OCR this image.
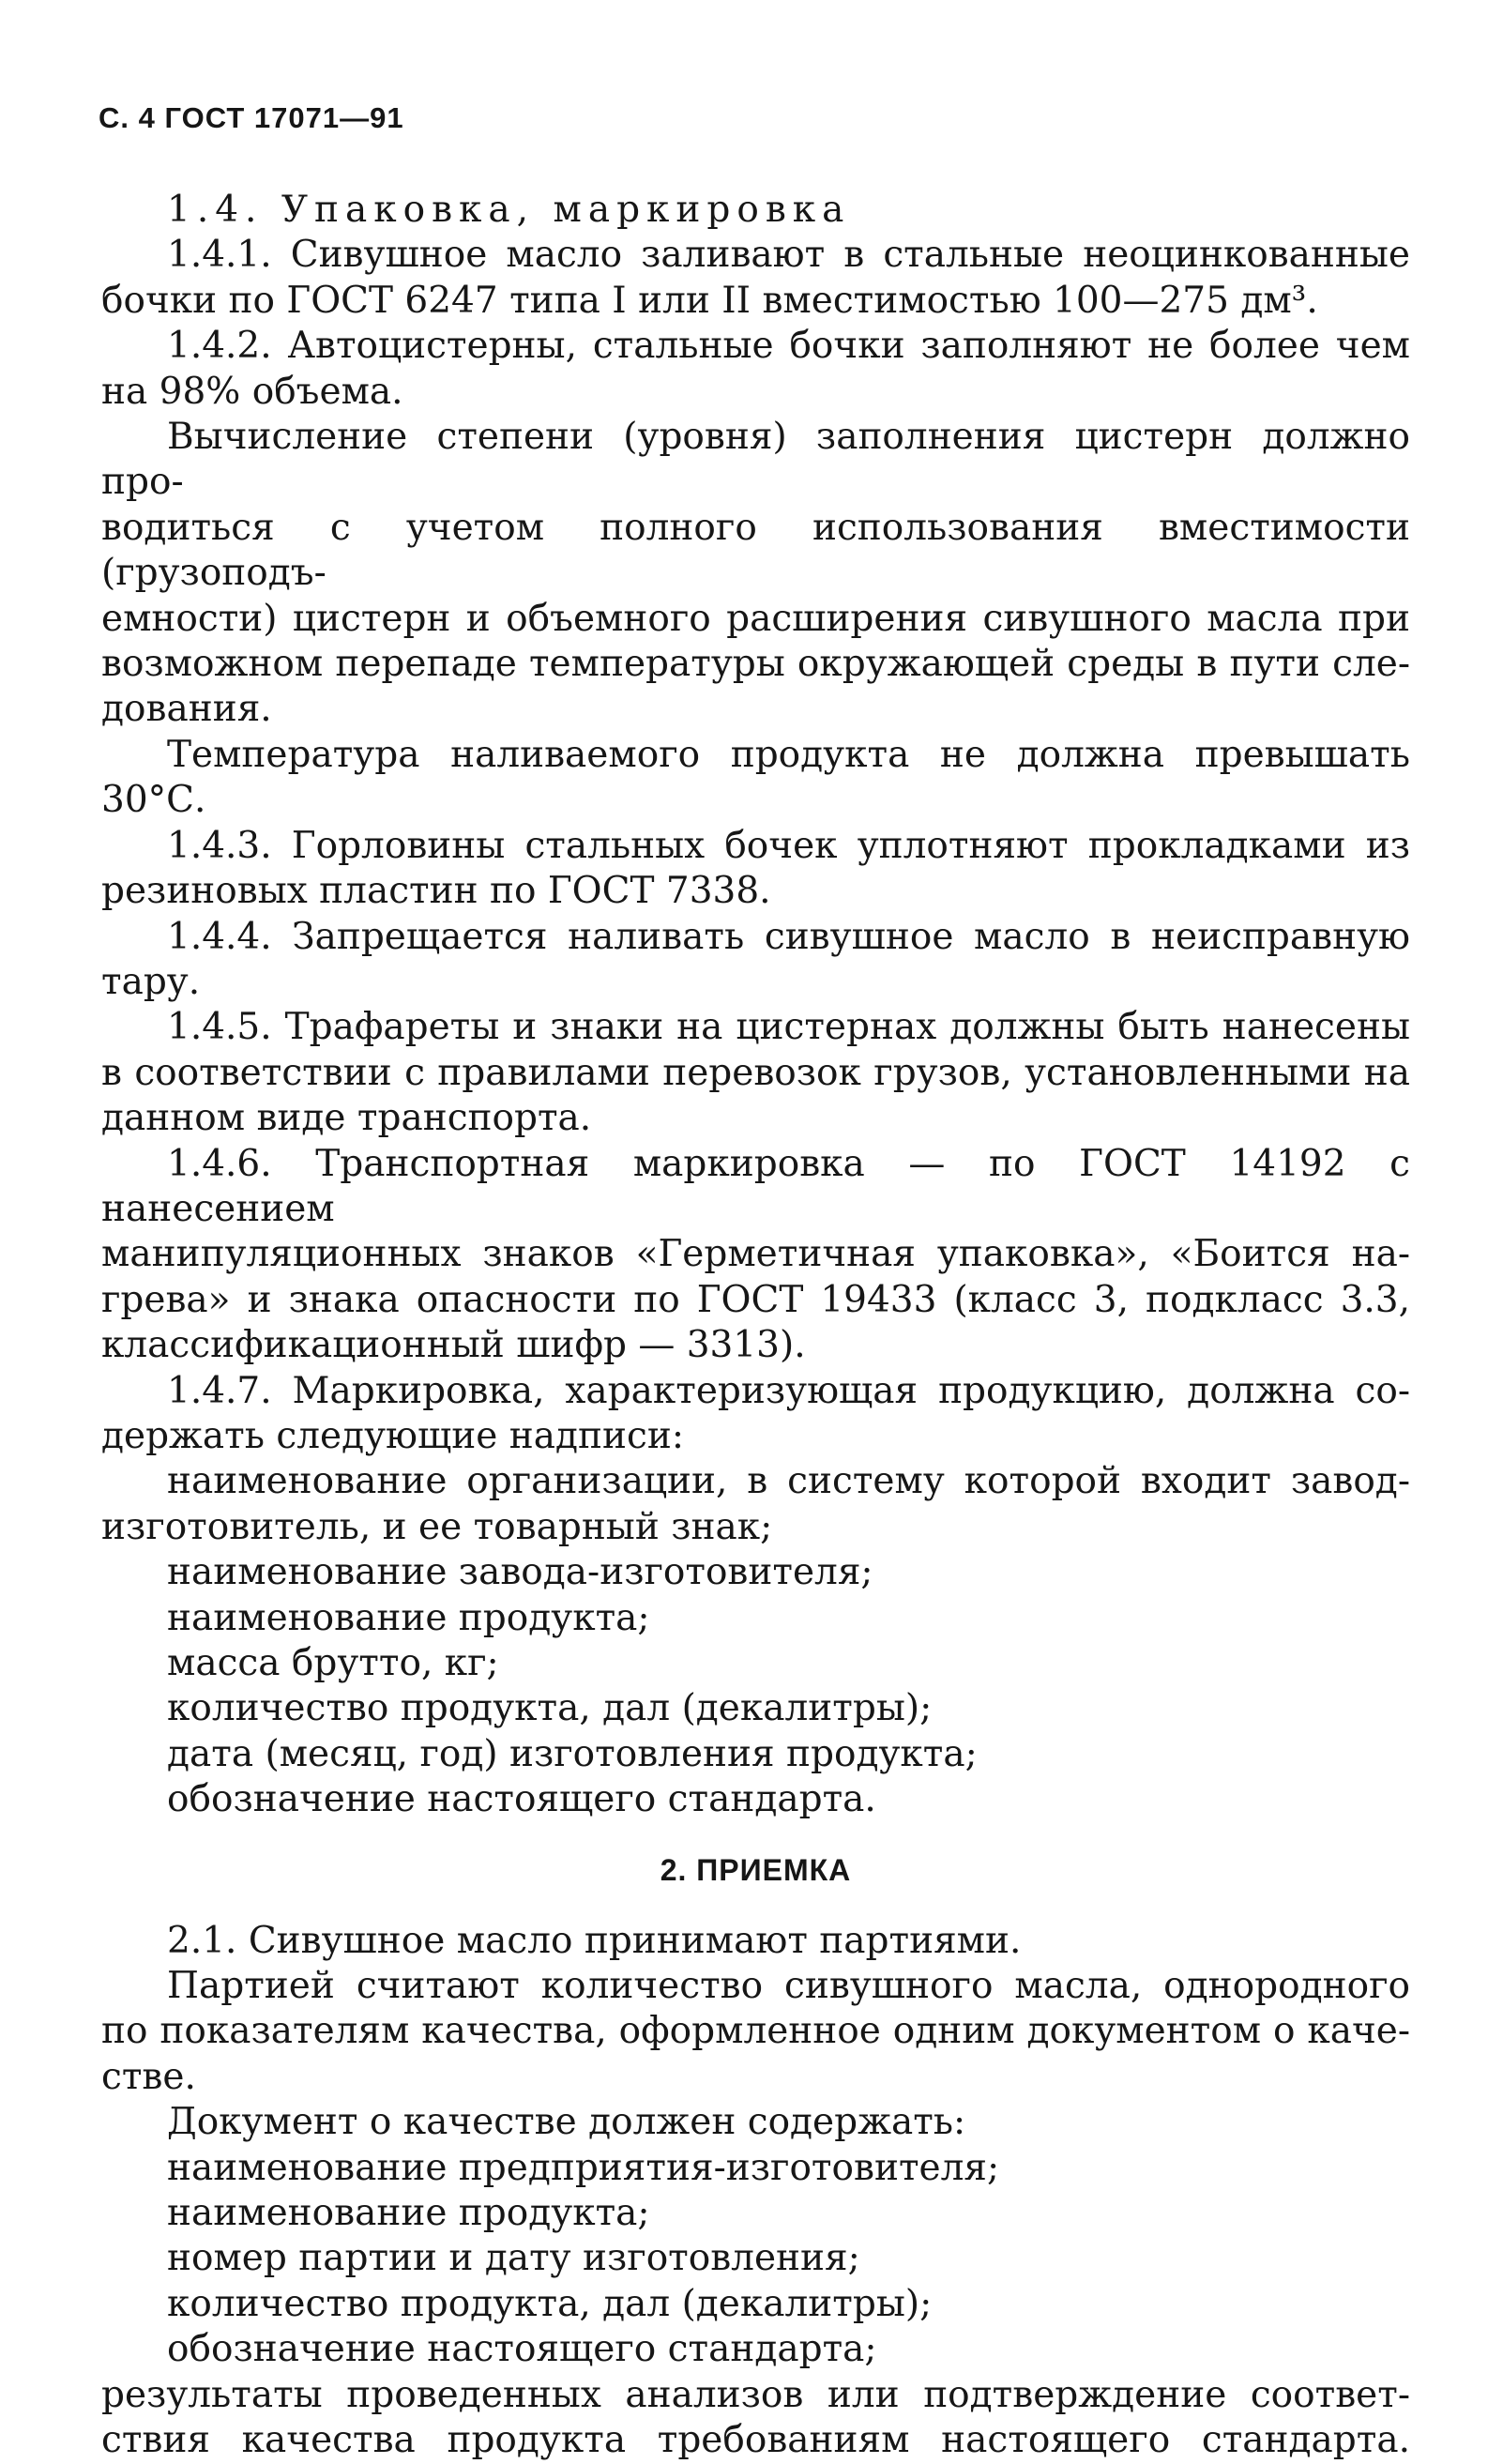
С. 4 ГОСТ 17071—91

1.4. Упаковка, маркировка

1.4.1. Сивушное масло заливают в стальные неоцинкованные

бочки по ГОСТ 6247 типа I или II вместимостью 100—275 дм³.

1.4.2. Автоцистерны, стальные бочки заполняют не более чем

на 98% объема.

Вычисление степени (уровня) заполнения цистерн должно про-

водиться с учетом полного использования вместимости (грузоподъ-

емности) цистерн и объемного расширения сивушного масла при

возможном перепаде температуры окружающей среды в пути сле-

дования.

Температура наливаемого продукта не должна превышать 30°С.

1.4.3. Горловины стальных бочек уплотняют прокладками из

резиновых пластин по ГОСТ 7338.

1.4.4. Запрещается наливать сивушное масло в неисправную

тару.

1.4.5. Трафареты и знаки на цистернах должны быть нанесены

в соответствии с правилами перевозок грузов, установленными на

данном виде транспорта.

1.4.6. Транспортная маркировка — по ГОСТ 14192 с нанесением

манипуляционных знаков «Герметичная упаковка», «Боится на-

грева» и знака опасности по ГОСТ 19433 (класс 3, подкласс 3.3,

классификационный шифр — 3313).

1.4.7. Маркировка, характеризующая продукцию, должна со-

держать следующие надписи:

наименование организации, в систему которой входит завод-

изготовитель, и ее товарный знак;

наименование завода-изготовителя;

наименование продукта;

масса брутто, кг;

количество продукта, дал (декалитры);

дата (месяц, год) изготовления продукта;

обозначение настоящего стандарта.

2. ПРИЕМКА

2.1. Сивушное масло принимают партиями.

Партией считают количество сивушного масла, однородного

по показателям качества, оформленное одним документом о каче-

стве.

Документ о качестве должен содержать:

наименование предприятия-изготовителя;

наименование продукта;

номер партии и дату изготовления;

количество продукта, дал (декалитры);

обозначение настоящего стандарта;

результаты проведенных анализов или подтверждение соответ-

ствия качества продукта требованиям настоящего стандарта.
